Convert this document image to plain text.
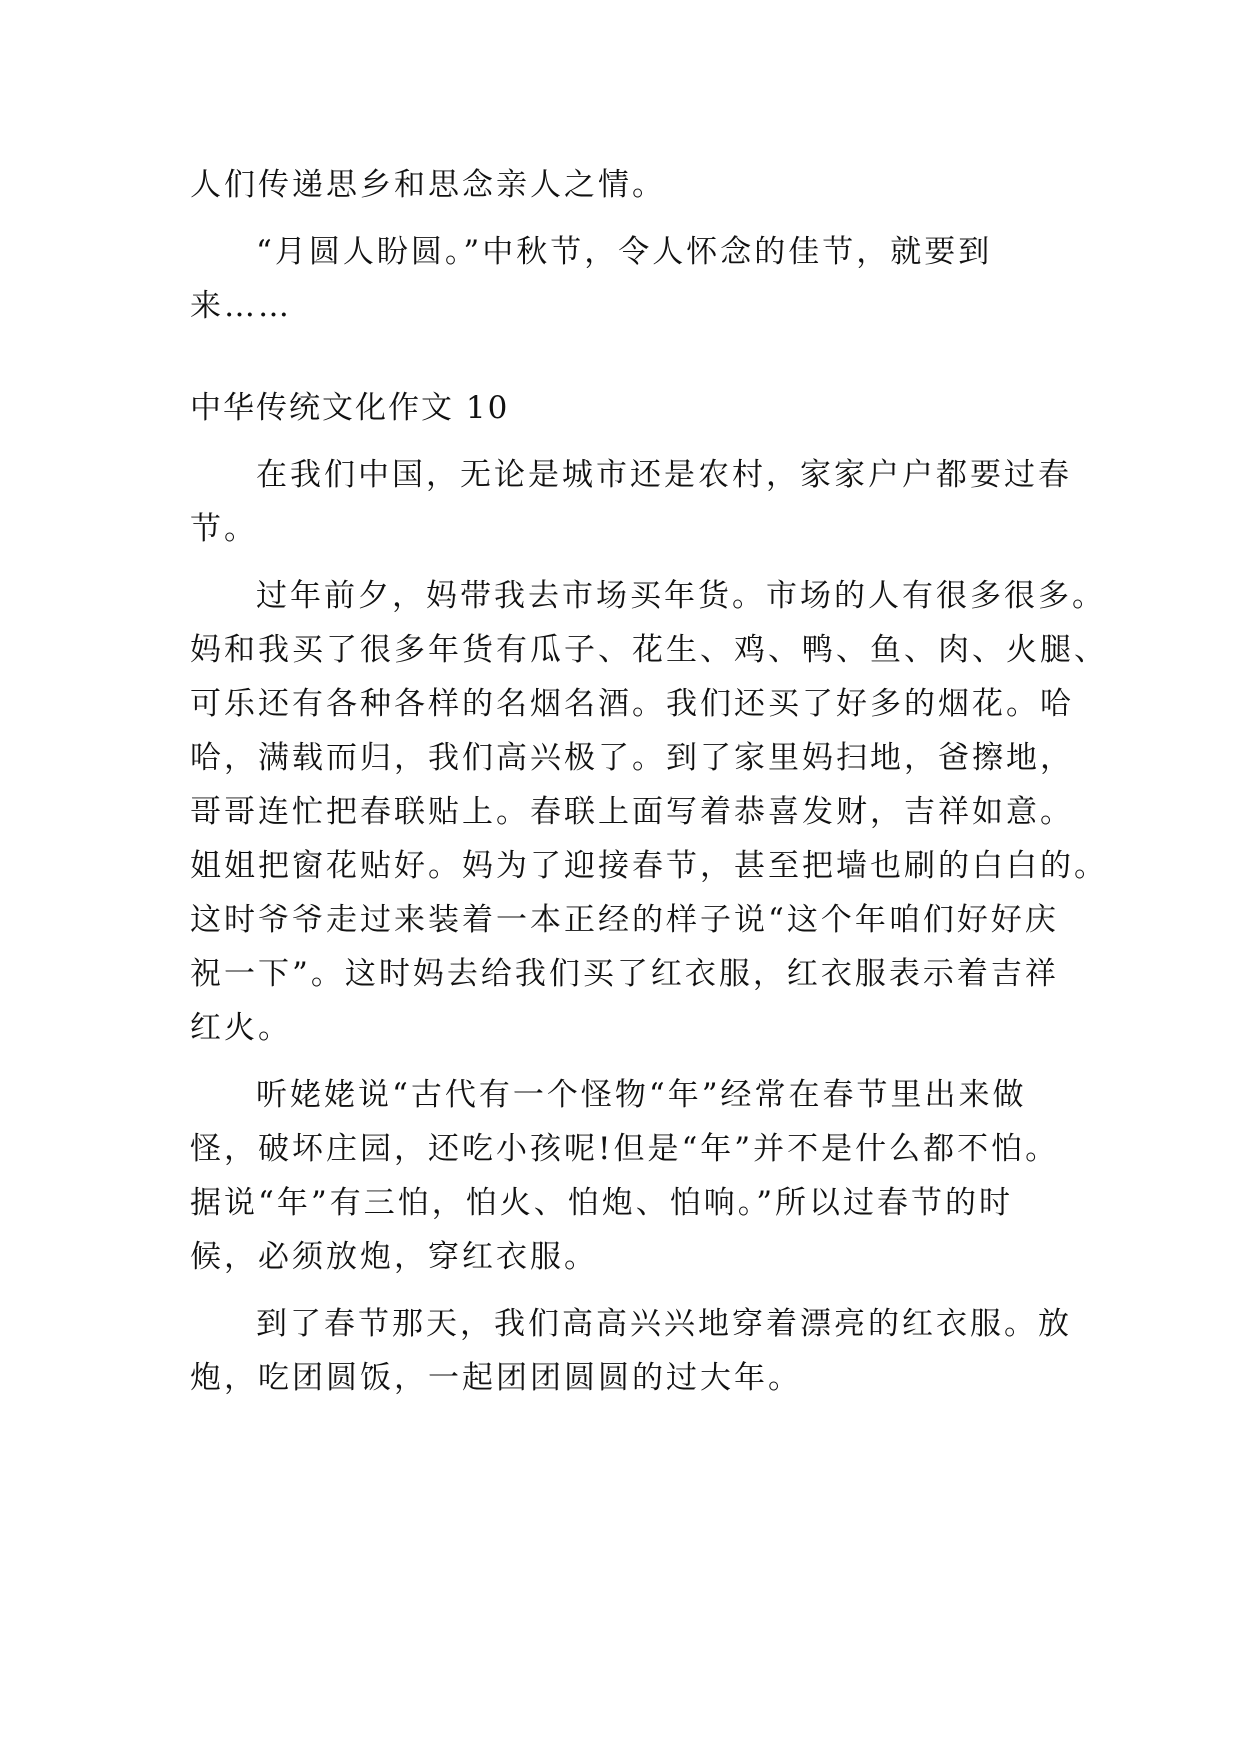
人们传递思乡和思念亲人之情。
“月圆人盼圆。”中秋节，令人怀念的佳节，就要到
来……
中华传统文化作文 10
在我们中国，无论是城市还是农村，家家户户都要过春
节。
过年前夕，妈带我去市场买年货。市场的人有很多很多。
妈和我买了很多年货有瓜子、花生、鸡、鸭、鱼、肉、火腿、
可乐还有各种各样的名烟名酒。我们还买了好多的烟花。哈
哈，满载而归，我们高兴极了。到了家里妈扫地，爸擦地，
哥哥连忙把春联贴上。春联上面写着恭喜发财，吉祥如意。
姐姐把窗花贴好。妈为了迎接春节，甚至把墙也刷的白白的。
这时爷爷走过来装着一本正经的样子说“这个年咱们好好庆
祝一下”。这时妈去给我们买了红衣服，红衣服表示着吉祥
红火。
听姥姥说“古代有一个怪物“年”经常在春节里出来做
怪，破坏庄园，还吃小孩呢!但是“年”并不是什么都不怕。
据说“年”有三怕，怕火、怕炮、怕响。”所以过春节的时
候，必须放炮，穿红衣服。
到了春节那天，我们高高兴兴地穿着漂亮的红衣服。放
炮，吃团圆饭，一起团团圆圆的过大年。
